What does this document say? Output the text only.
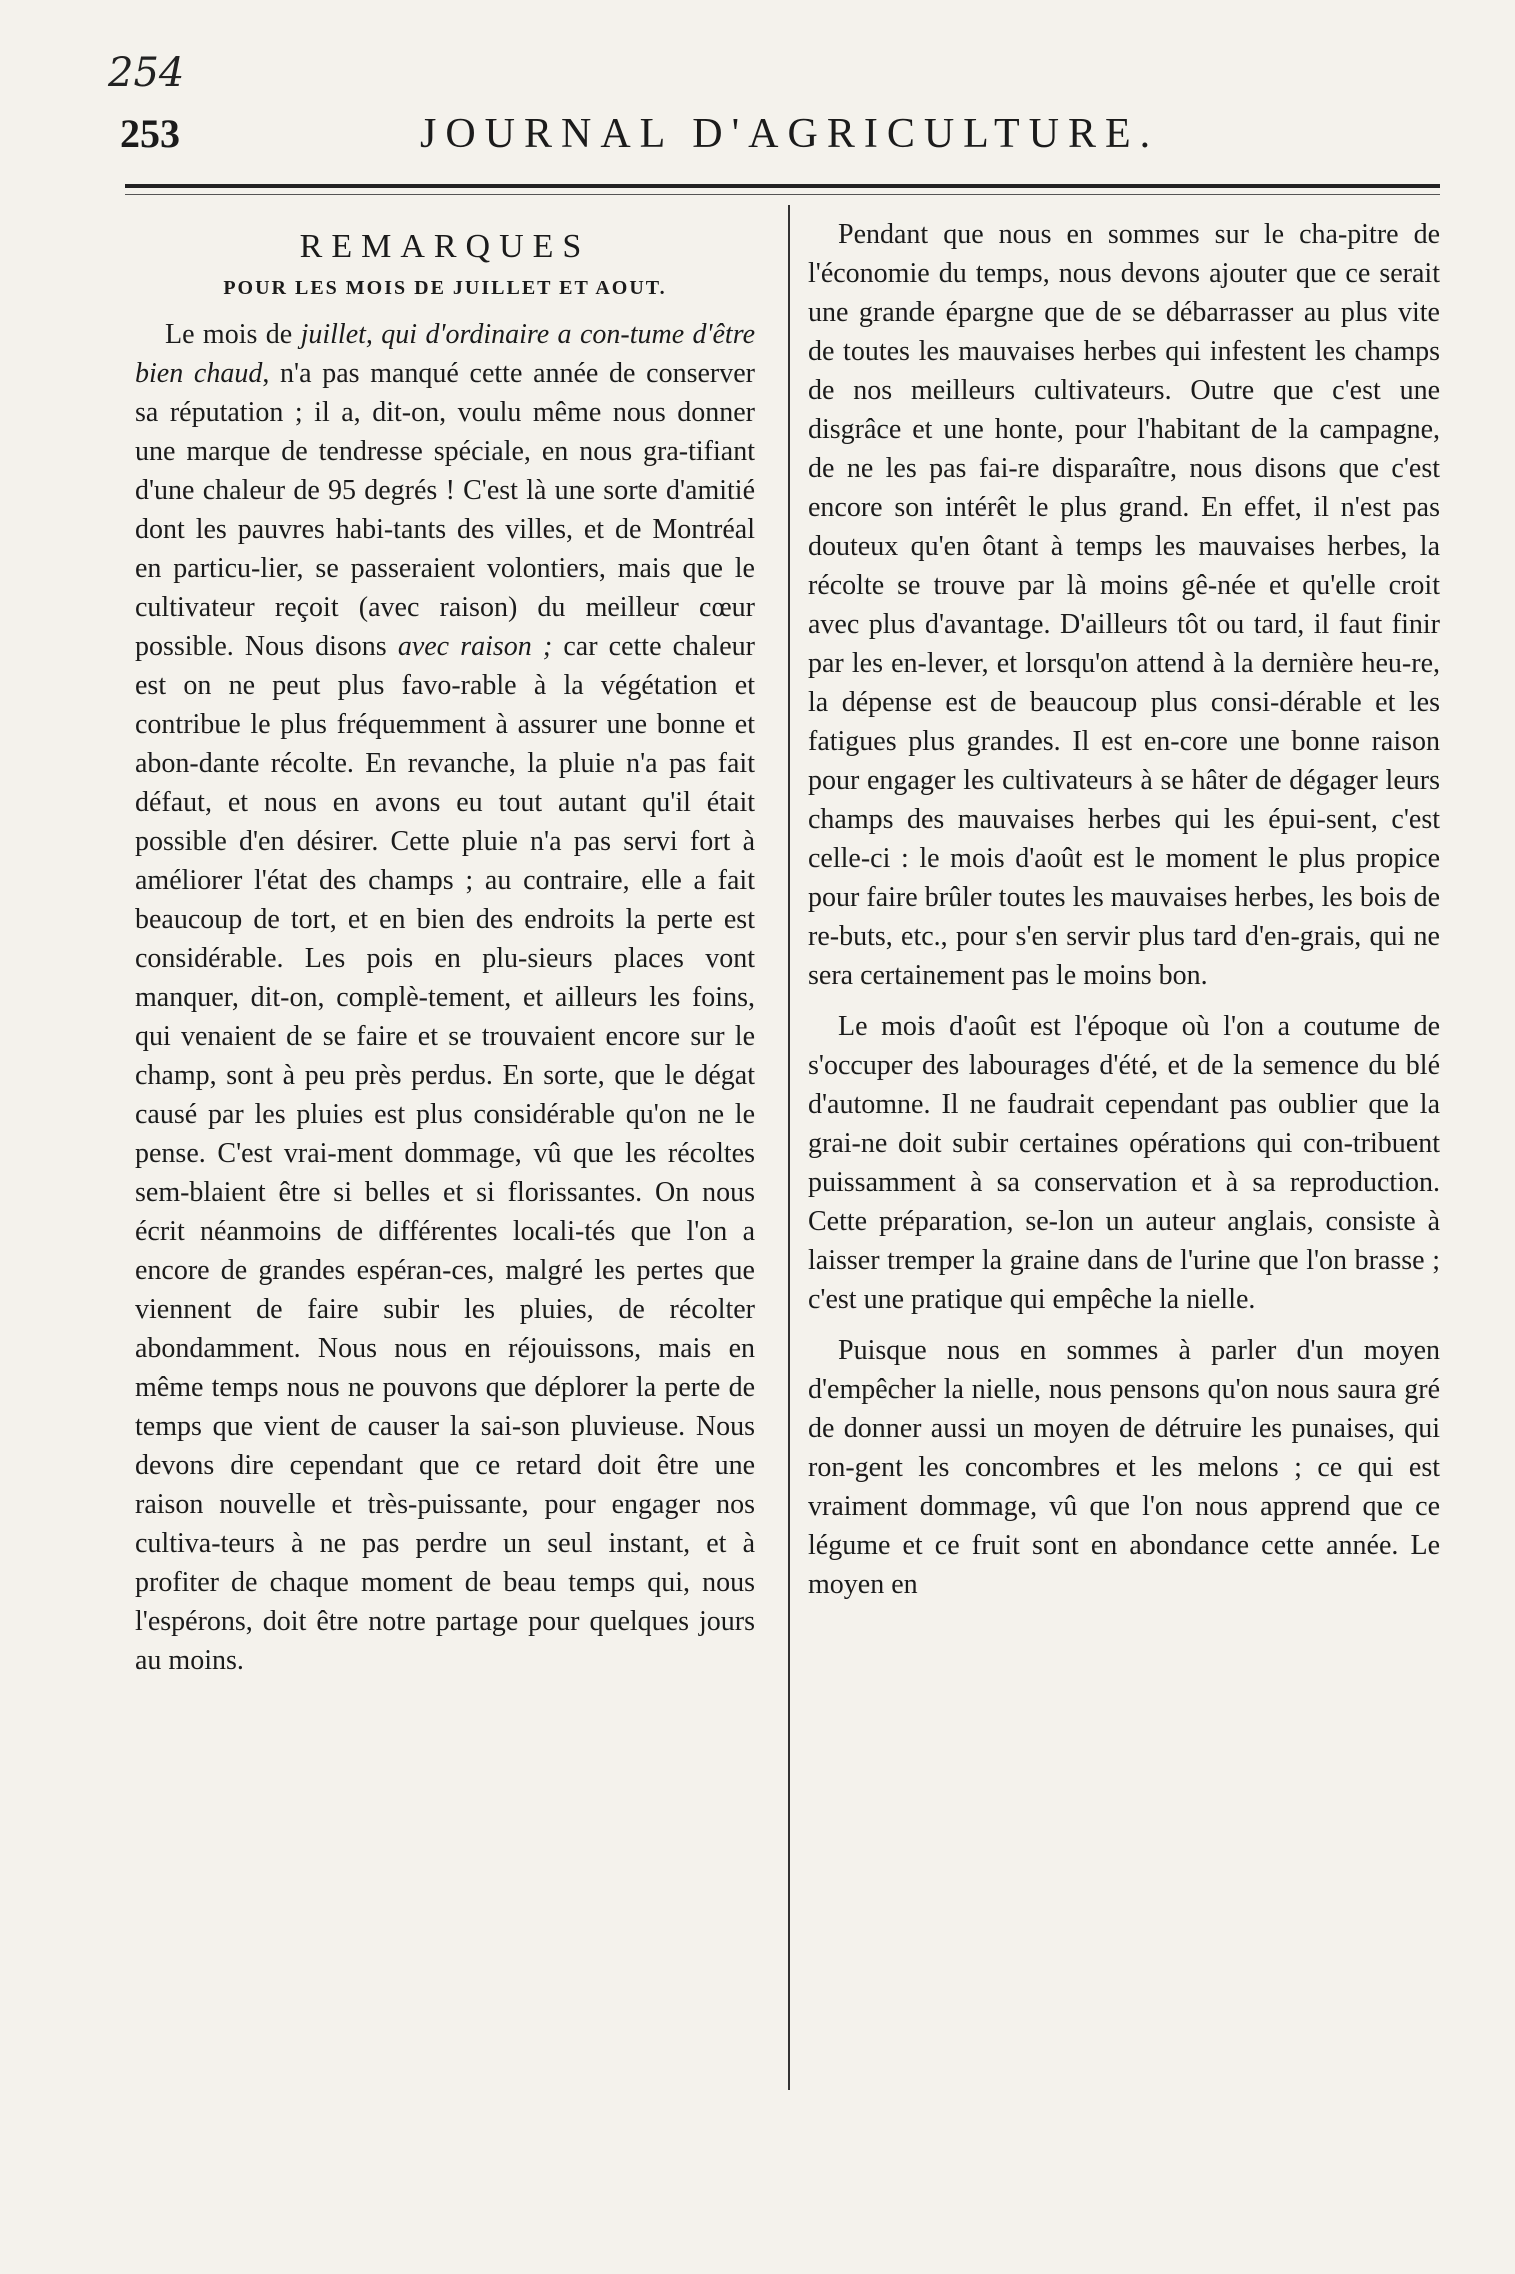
254
253	JOURNAL D'AGRICULTURE.
REMARQUES
POUR LES MOIS DE JUILLET ET AOUT.

Le mois de juillet, qui d'ordinaire a con-tume d'être bien chaud, n'a pas manqué cette année de conserver sa réputation ; il a, dit-on, voulu même nous donner une marque de tendresse spéciale, en nous gra-tifiant d'une chaleur de 95 degrés ! C'est là une sorte d'amitié dont les pauvres habi-tants des villes, et de Montréal en particu-lier, se passeraient volontiers, mais que le cultivateur reçoit (avec raison) du meilleur cœur possible. Nous disons avec raison ; car cette chaleur est on ne peut plus favo-rable à la végétation et contribue le plus fréquemment à assurer une bonne et abon-dante récolte. En revanche, la pluie n'a pas fait défaut, et nous en avons eu tout autant qu'il était possible d'en désirer. Cette pluie n'a pas servi fort à améliorer l'état des champs ; au contraire, elle a fait beaucoup de tort, et en bien des endroits la perte est considérable. Les pois en plu-sieurs places vont manquer, dit-on, complè-tement, et ailleurs les foins, qui venaient de se faire et se trouvaient encore sur le champ, sont à peu près perdus. En sorte, que le dégat causé par les pluies est plus considérable qu'on ne le pense. C'est vrai-ment dommage, vû que les récoltes sem-blaient être si belles et si florissantes. On nous écrit néanmoins de différentes locali-tés que l'on a encore de grandes espéran-ces, malgré les pertes que viennent de faire subir les pluies, de récolter abondamment. Nous nous en réjouissons, mais en même temps nous ne pouvons que déplorer la perte de temps que vient de causer la sai-son pluvieuse. Nous devons dire cependant que ce retard doit être une raison nouvelle et très-puissante, pour engager nos cultiva-teurs à ne pas perdre un seul instant, et à profiter de chaque moment de beau temps qui, nous l'espérons, doit être notre partage pour quelques jours au moins.

Pendant que nous en sommes sur le cha-pitre de l'économie du temps, nous devons ajouter que ce serait une grande épargne que de se débarrasser au plus vite de toutes les mauvaises herbes qui infestent les champs de nos meilleurs cultivateurs. Outre que c'est une disgrâce et une honte, pour l'habitant de la campagne, de ne les pas fai-re disparaître, nous disons que c'est encore son intérêt le plus grand. En effet, il n'est pas douteux qu'en ôtant à temps les mauvaises herbes, la récolte se trouve par là moins gê-née et qu'elle croit avec plus d'avantage. D'ailleurs tôt ou tard, il faut finir par les en-lever, et lorsqu'on attend à la dernière heu-re, la dépense est de beaucoup plus consi-dérable et les fatigues plus grandes. Il est en-core une bonne raison pour engager les cultivateurs à se hâter de dégager leurs champs des mauvaises herbes qui les épui-sent, c'est celle-ci : le mois d'août est le moment le plus propice pour faire brûler toutes les mauvaises herbes, les bois de re-buts, etc., pour s'en servir plus tard d'en-grais, qui ne sera certainement pas le moins bon.

Le mois d'août est l'époque où l'on a coutume de s'occuper des labourages d'été, et de la semence du blé d'automne. Il ne faudrait cependant pas oublier que la grai-ne doit subir certaines opérations qui con-tribuent puissamment à sa conservation et à sa reproduction. Cette préparation, se-lon un auteur anglais, consiste à laisser tremper la graine dans de l'urine que l'on brasse ; c'est une pratique qui empêche la nielle.

Puisque nous en sommes à parler d'un moyen d'empêcher la nielle, nous pensons qu'on nous saura gré de donner aussi un moyen de détruire les punaises, qui ron-gent les concombres et les melons ; ce qui est vraiment dommage, vû que l'on nous apprend que ce légume et ce fruit sont en abondance cette année. Le moyen en
